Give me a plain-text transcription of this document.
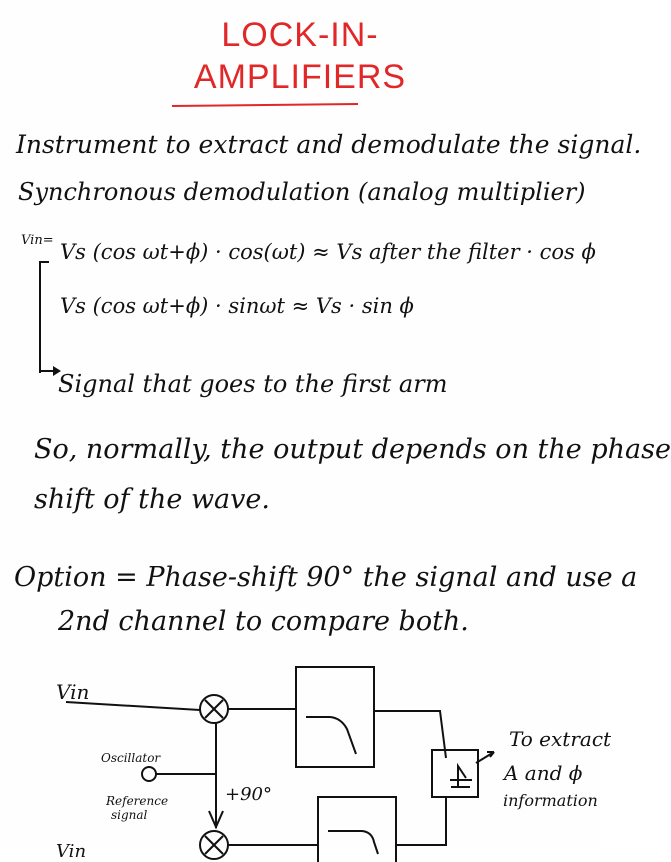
LOCK-IN-
AMPLIFIERS
Instrument to extract and demodulate the signal.
Synchronous demodulation (analog multiplier)
Vin= Vs (cos ωt+ϕ) · cos(ωt) ≈ Vs after the filter · cos ϕ
Vs (cos ωt+ϕ) · sinωt ≈ Vs · sin ϕ
Signal that goes to the first arm
So, normally, the output depends on the phase
shift of the wave.
Option = Phase-shift 90° the signal and use a
2nd channel to compare both.
Vin
Oscillator
Reference
signal
+90°
To extract
A and ϕ
information
Vin
